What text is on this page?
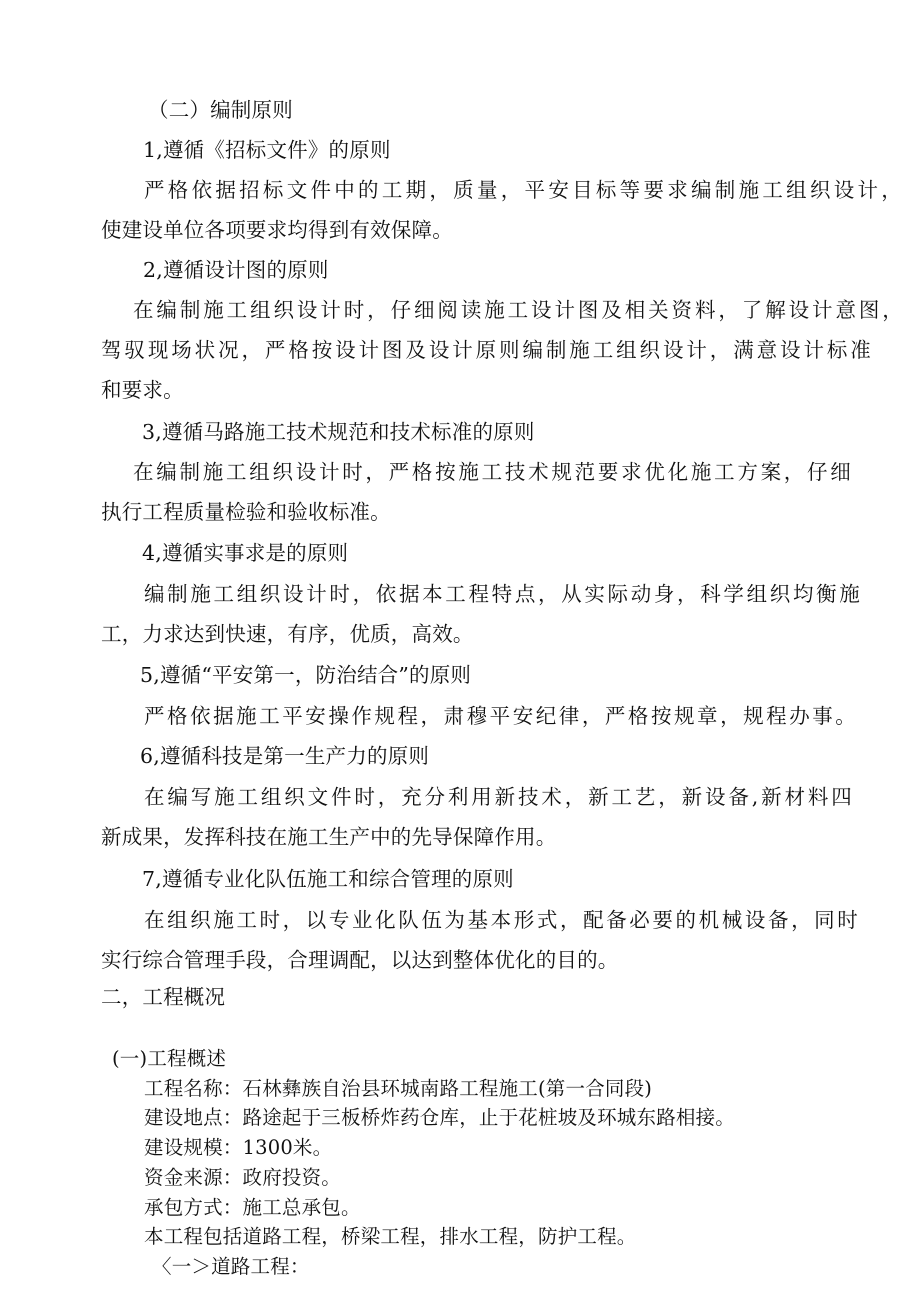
（二）编制原则
1,遵循《招标文件》的原则
严格依据招标文件中的工期，质量，平安目标等要求编制施工组织设计，
使建设单位各项要求均得到有效保障。
2,遵循设计图的原则
在编制施工组织设计时，仔细阅读施工设计图及相关资料，了解设计意图，
驾驭现场状况，严格按设计图及设计原则编制施工组织设计，满意设计标准
和要求。
3,遵循马路施工技术规范和技术标准的原则
在编制施工组织设计时，严格按施工技术规范要求优化施工方案，仔细
执行工程质量检验和验收标准。
4,遵循实事求是的原则
编制施工组织设计时，依据本工程特点，从实际动身，科学组织均衡施
工，力求达到快速，有序，优质，高效。
5,遵循“平安第一，防治结合”的原则
严格依据施工平安操作规程，肃穆平安纪律，严格按规章，规程办事。
6,遵循科技是第一生产力的原则
在编写施工组织文件时，充分利用新技术，新工艺，新设备,新材料四
新成果，发挥科技在施工生产中的先导保障作用。
7,遵循专业化队伍施工和综合管理的原则
在组织施工时，以专业化队伍为基本形式，配备必要的机械设备，同时
实行综合管理手段，合理调配，以达到整体优化的目的。
二，工程概况
(一)工程概述
工程名称：石林彝族自治县环城南路工程施工(第一合同段)
建设地点：路途起于三板桥炸药仓库，止于花桩坡及环城东路相接。
建设规模：1300米。
资金来源：政府投资。
承包方式：施工总承包。
本工程包括道路工程，桥梁工程，排水工程，防护工程。
〈一＞道路工程：
